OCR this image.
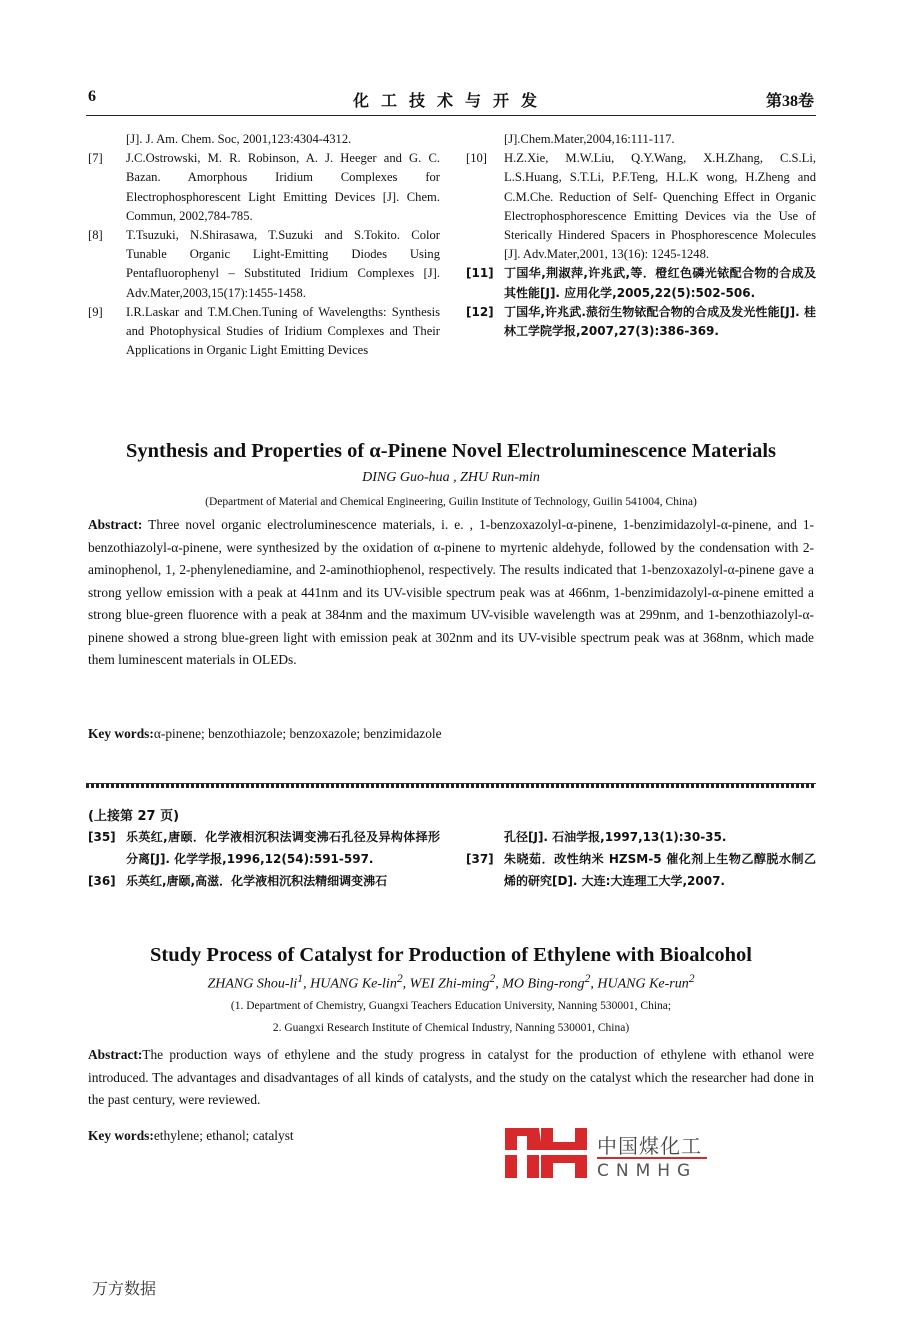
6	化工技术与开发	第38卷
[J]. J. Am. Chem. Soc, 2001,123:4304-4312.
[7] J.C.Ostrowski, M. R. Robinson, A. J. Heeger and G. C. Bazan. Amorphous Iridium Complexes for Electrophosphorescent Light Emitting Devices [J]. Chem. Commun, 2002,784-785.
[8] T.Tsuzuki, N.Shirasawa, T.Suzuki and S.Tokito. Color Tunable Organic Light-Emitting Diodes Using Pentafluorophenyl – Substituted Iridium Complexes [J]. Adv.Mater,2003,15(17):1455-1458.
[9] I.R.Laskar and T.M.Chen.Tuning of Wavelengths: Synthesis and Photophysical Studies of Iridium Complexes and Their Applications in Organic Light Emitting Devices
[J].Chem.Mater,2004,16:111-117.
[10] H.Z.Xie, M.W.Liu, Q.Y.Wang, X.H.Zhang, C.S.Li, L.S.Huang, S.T.Li, P.F.Teng, H.L.K wong, H.Zheng and C.M.Che. Reduction of Self- Quenching Effect in Organic Electrophosphorescence Emitting Devices via the Use of Sterically Hindered Spacers in Phosphorescence Molecules [J]. Adv.Mater,2001, 13(16): 1245-1248.
[11] 丁国华,荆淑萍,许兆武,等．橙红色磷光铱配合物的合成及其性能[J]. 应用化学,2005,22(5):502-506.
[12] 丁国华,许兆武.蒎衍生物铱配合物的合成及发光性能[J]. 桂林工学院学报,2007,27(3):386-369.
Synthesis and Properties of α-Pinene Novel Electroluminescence Materials
DING Guo-hua , ZHU Run-min
(Department of Material and Chemical Engineering, Guilin Institute of Technology, Guilin 541004, China)
Abstract: Three novel organic electroluminescence materials, i. e. , 1-benzoxazolyl-α-pinene, 1-benzimidazolyl-α-pinene, and 1-benzothiazolyl-α-pinene, were synthesized by the oxidation of α-pinene to myrtenic aldehyde, followed by the condensation with 2-aminophenol, 1, 2-phenylenediamine, and 2-aminothiophenol, respectively. The results indicated that 1-benzoxazolyl-α-pinene gave a strong yellow emission with a peak at 441nm and its UV-visible spectrum peak was at 466nm, 1-benzimidazolyl-α-pinene emitted a strong blue-green fluorence with a peak at 384nm and the maximum UV-visible wavelength was at 299nm, and 1-benzothiazolyl-α-pinene showed a strong blue-green light with emission peak at 302nm and its UV-visible spectrum peak was at 368nm, which made them luminescent materials in OLEDs.
Key words:α-pinene; benzothiazole; benzoxazole; benzimidazole
(上接第 27 页)
[35] 乐英红,唐颐．化学液相沉积法调变沸石孔径及异构体择形分离[J]. 化学学报,1996,12(54):591-597.
[36] 乐英红,唐颐,高滋．化学液相沉积法精细调变沸石
孔径[J]. 石油学报,1997,13(1):30-35.
[37] 朱晓茹．改性纳米 HZSM-5 催化剂上生物乙醇脱水制乙烯的研究[D]. 大连:大连理工大学,2007.
Study Process of Catalyst for Production of Ethylene with Bioalcohol
ZHANG Shou-$li^1$, HUANG Ke-lin$^2$, WEI Zhi-ming$^2$, MO Bing-rong$^2$, HUANG Ke-run$^2$
(1. Department of Chemistry, Guangxi Teachers Education University, Nanning 530001, China;
2. Guangxi Research Institute of Chemical Industry, Nanning 530001, China)
Abstract:The production ways of ethylene and the study progress in catalyst for the production of ethylene with ethanol were introduced. The advantages and disadvantages of all kinds of catalysts, and the study on the catalyst which the researcher had done in the past century, were reviewed.
Key words:ethylene; ethanol; catalyst	中国煤化工
CNMHG
万方数据
